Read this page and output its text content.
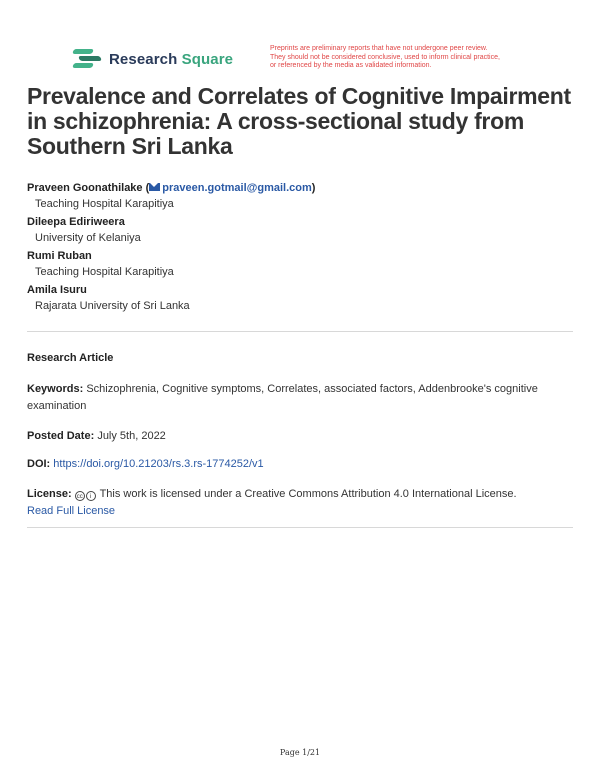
Research Square
Preprints are preliminary reports that have not undergone peer review.
They should not be considered conclusive, used to inform clinical practice,
or referenced by the media as validated information.
Prevalence and Correlates of Cognitive Impairment in schizophrenia: A cross-sectional study from Southern Sri Lanka
Praveen Goonathilake ( praveen.gotmail@gmail.com)
Teaching Hospital Karapitiya
Dileepa Ediriweera
University of Kelaniya
Rumi Ruban
Teaching Hospital Karapitiya
Amila Isuru
Rajarata University of Sri Lanka
Research Article
Keywords: Schizophrenia, Cognitive symptoms, Correlates, associated factors, Addenbrooke's cognitive examination
Posted Date: July 5th, 2022
DOI: https://doi.org/10.21203/rs.3.rs-1774252/v1
License: cc i This work is licensed under a Creative Commons Attribution 4.0 International License.
Read Full License
Page 1/21
